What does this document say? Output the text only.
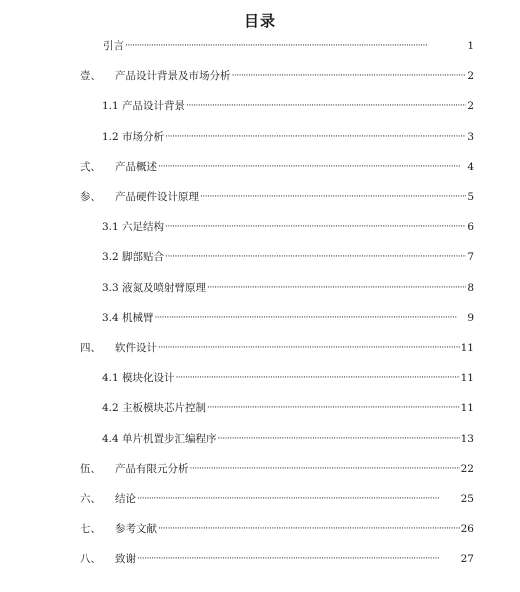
目录
引言 ·····	1
壹、	产品设计背景及市场分析 ·····	2
1.1 产品设计背景 ·····	2
1.2 市场分析 ·····	3
弍、	产品概述 ·····	4
参、	产品硬件设计原理 ·····	5
3.1 六足结构 ·····	6
3.2 脚部贴合 ·····	7
3.3 液氮及喷射臂原理 ·····	8
3.4 机械臂 ·····	9
四、	软件设计 ·····	11
4.1 模块化设计 ·····	11
4.2 主板模块芯片控制 ·····	11
4.4 单片机置步汇编程序 ·····	13
伍、	产品有限元分析 ·····	22
六、	结论 ·····	25
七、	参考文献 ·····	26
八、	致谢 ·····	27
